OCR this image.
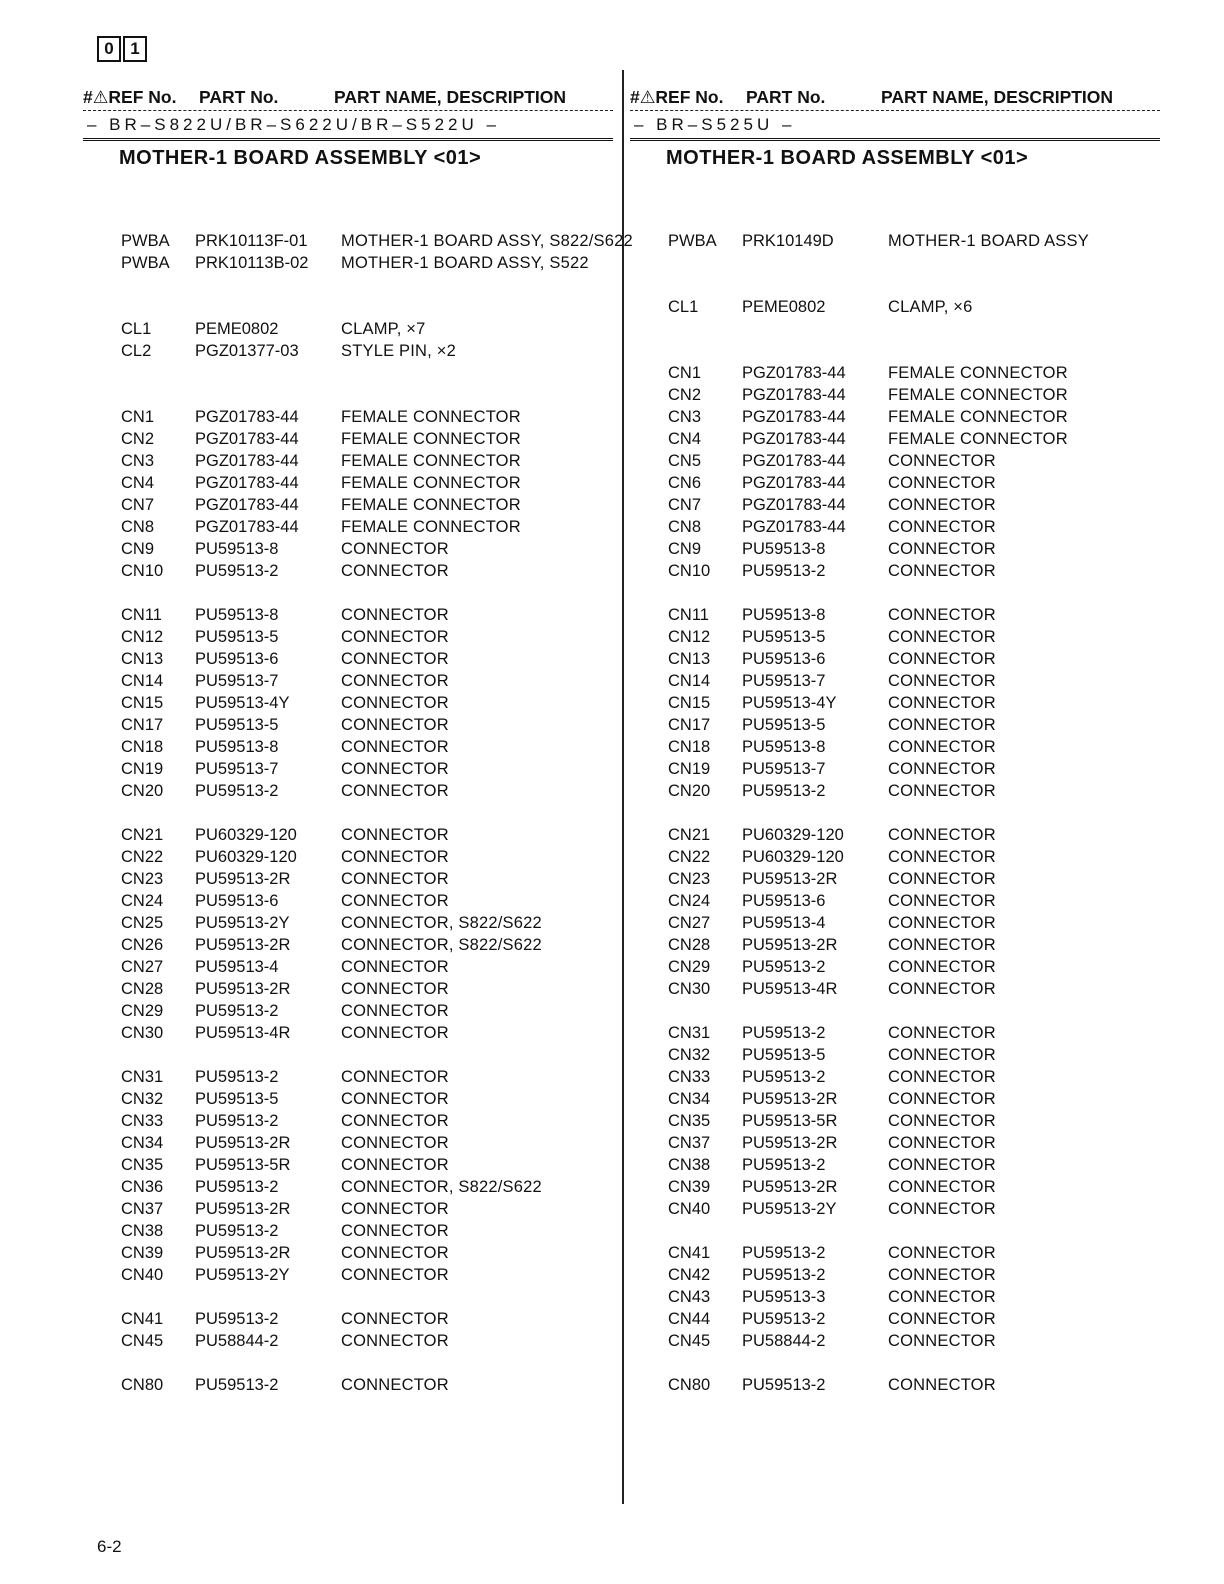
0 1
#⚠REF No. PART No.	PART NAME, DESCRIPTION
– BR–S822U/BR–S622U/BR–S522U –
MOTHER-1 BOARD ASSEMBLY <01>
PWBA PRK10113F-01 MOTHER-1 BOARD ASSY, S822/S622
PWBA PRK10113B-02 MOTHER-1 BOARD ASSY, S522
CL1	PEME0802	CLAMP, ×7
CL2	PGZ01377-03	STYLE PIN, ×2
CN1 PGZ01783-44	FEMALE CONNECTOR
CN2 PGZ01783-44	FEMALE CONNECTOR
CN3 PGZ01783-44	FEMALE CONNECTOR
CN4 PGZ01783-44	FEMALE CONNECTOR
CN7 PGZ01783-44	FEMALE CONNECTOR
CN8 PGZ01783-44	FEMALE CONNECTOR
CN9 PU59513-8	CONNECTOR
CN10 PU59513-2	CONNECTOR
CN11 PU59513-8	CONNECTOR
CN12 PU59513-5	CONNECTOR
CN13 PU59513-6	CONNECTOR
CN14 PU59513-7	CONNECTOR
CN15 PU59513-4Y	CONNECTOR
CN17 PU59513-5	CONNECTOR
CN18 PU59513-8	CONNECTOR
CN19 PU59513-7	CONNECTOR
CN20 PU59513-2	CONNECTOR
CN21 PU60329-120	CONNECTOR
CN22 PU60329-120	CONNECTOR
CN23 PU59513-2R	CONNECTOR
CN24 PU59513-6	CONNECTOR
CN25 PU59513-2Y	CONNECTOR, S822/S622
CN26 PU59513-2R	CONNECTOR, S822/S622
CN27 PU59513-4	CONNECTOR
CN28 PU59513-2R	CONNECTOR
CN29 PU59513-2	CONNECTOR
CN30 PU59513-4R	CONNECTOR
CN31 PU59513-2	CONNECTOR
CN32 PU59513-5	CONNECTOR
CN33 PU59513-2	CONNECTOR
CN34 PU59513-2R	CONNECTOR
CN35 PU59513-5R	CONNECTOR
CN36 PU59513-2	CONNECTOR, S822/S622
CN37 PU59513-2R	CONNECTOR
CN38 PU59513-2	CONNECTOR
CN39 PU59513-2R	CONNECTOR
CN40 PU59513-2Y	CONNECTOR
CN41 PU59513-2	CONNECTOR
CN45 PU58844-2	CONNECTOR
CN80 PU59513-2	CONNECTOR
#⚠REF No. PART No.	PART NAME, DESCRIPTION
– BR–S525U –
MOTHER-1 BOARD ASSEMBLY <01>
PWBA PRK10149D	MOTHER-1 BOARD ASSY
CL1	PEME0802	CLAMP, ×6
CN1 PGZ01783-44	FEMALE CONNECTOR
CN2 PGZ01783-44	FEMALE CONNECTOR
CN3 PGZ01783-44	FEMALE CONNECTOR
CN4 PGZ01783-44	FEMALE CONNECTOR
CN5 PGZ01783-44	CONNECTOR
CN6 PGZ01783-44	CONNECTOR
CN7 PGZ01783-44	CONNECTOR
CN8 PGZ01783-44	CONNECTOR
CN9 PU59513-8	CONNECTOR
CN10 PU59513-2	CONNECTOR
CN11 PU59513-8	CONNECTOR
CN12 PU59513-5	CONNECTOR
CN13 PU59513-6	CONNECTOR
CN14 PU59513-7	CONNECTOR
CN15 PU59513-4Y	CONNECTOR
CN17 PU59513-5	CONNECTOR
CN18 PU59513-8	CONNECTOR
CN19 PU59513-7	CONNECTOR
CN20 PU59513-2	CONNECTOR
CN21 PU60329-120	CONNECTOR
CN22 PU60329-120	CONNECTOR
CN23 PU59513-2R	CONNECTOR
CN24 PU59513-6	CONNECTOR
CN27 PU59513-4	CONNECTOR
CN28 PU59513-2R	CONNECTOR
CN29 PU59513-2	CONNECTOR
CN30 PU59513-4R	CONNECTOR
CN31 PU59513-2	CONNECTOR
CN32 PU59513-5	CONNECTOR
CN33 PU59513-2	CONNECTOR
CN34 PU59513-2R	CONNECTOR
CN35 PU59513-5R	CONNECTOR
CN37 PU59513-2R	CONNECTOR
CN38 PU59513-2	CONNECTOR
CN39 PU59513-2R	CONNECTOR
CN40 PU59513-2Y	CONNECTOR
CN41 PU59513-2	CONNECTOR
CN42 PU59513-2	CONNECTOR
CN43 PU59513-3	CONNECTOR
CN44 PU59513-2	CONNECTOR
CN45 PU58844-2	CONNECTOR
CN80 PU59513-2	CONNECTOR
6-2
